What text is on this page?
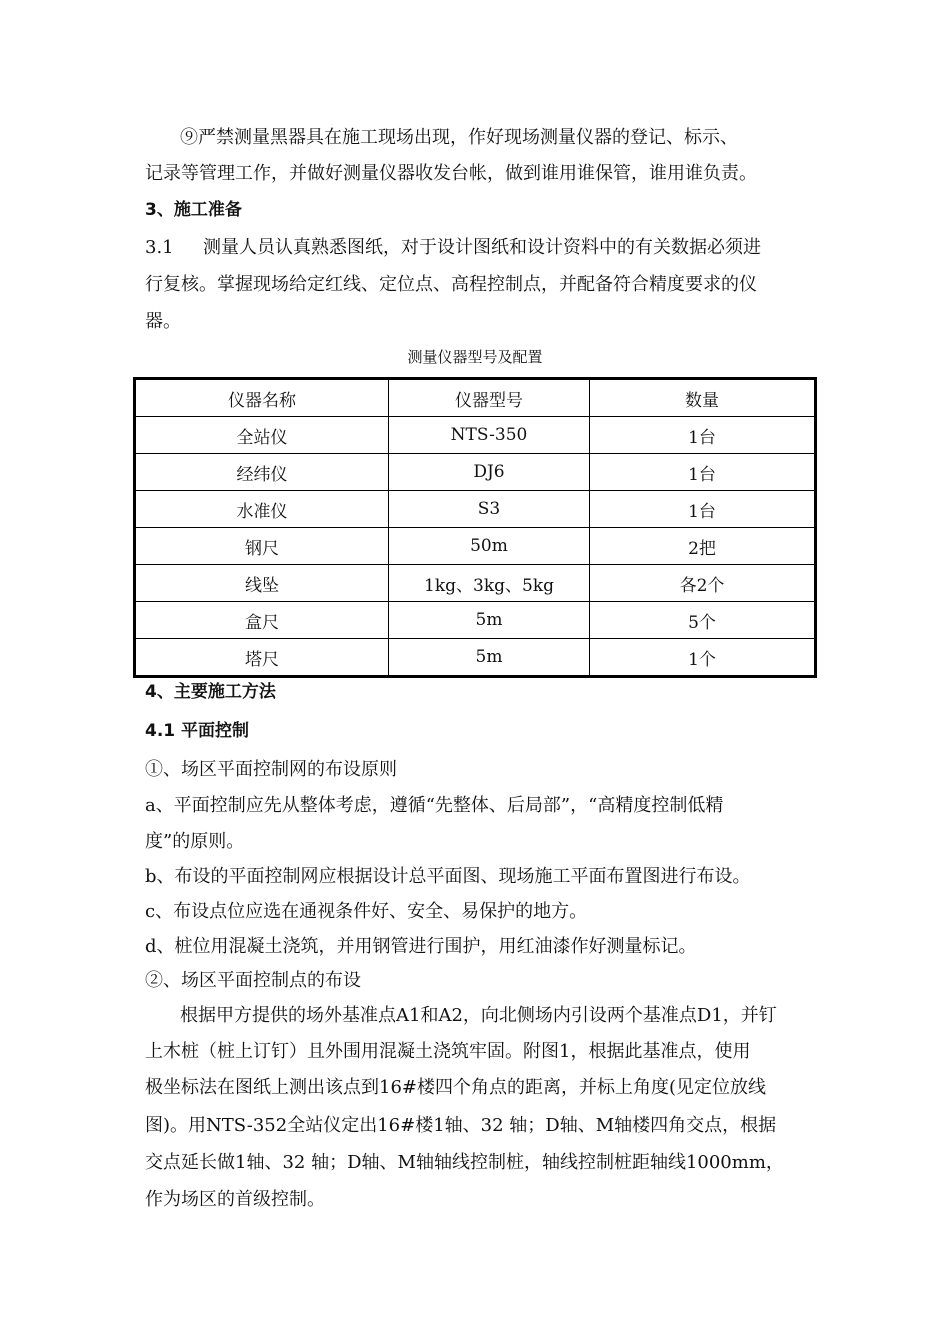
⑨严禁测量黑器具在施工现场出现，作好现场测量仪器的登记、标示、
记录等管理工作，并做好测量仪器收发台帐，做到谁用谁保管，谁用谁负责。
3、施工准备
3.1 测量人员认真熟悉图纸，对于设计图纸和设计资料中的有关数据必须进
行复核。掌握现场给定红线、定位点、高程控制点，并配备符合精度要求的仪
器。
测量仪器型号及配置
仪器名称	仪器型号	数量
全站仪	NTS-350	1台
经纬仪	DJ6	1台
水准仪	S3	1台
钢尺	50m	2把
线坠	1kg、3kg、5kg	各2个
盒尺	5m	5个
塔尺	5m	1个
4、主要施工方法
4.1 平面控制
①、场区平面控制网的布设原则
a、平面控制应先从整体考虑，遵循“先整体、后局部”，“高精度控制低精
度”的原则。
b、布设的平面控制网应根据设计总平面图、现场施工平面布置图进行布设。
c、布设点位应选在通视条件好、安全、易保护的地方。
d、桩位用混凝土浇筑，并用钢管进行围护，用红油漆作好测量标记。
②、场区平面控制点的布设
根据甲方提供的场外基准点A1和A2，向北侧场内引设两个基准点D1，并钉
上木桩（桩上订钉）且外围用混凝土浇筑牢固。附图1，根据此基准点，使用
极坐标法在图纸上测出该点到16#楼四个角点的距离，并标上角度(见定位放线
图)。用NTS-352全站仪定出16#楼1轴、32 轴；D轴、M轴楼四角交点，根据
交点延长做1轴、32 轴；D轴、M轴轴线控制桩，轴线控制桩距轴线1000mm，
作为场区的首级控制。
